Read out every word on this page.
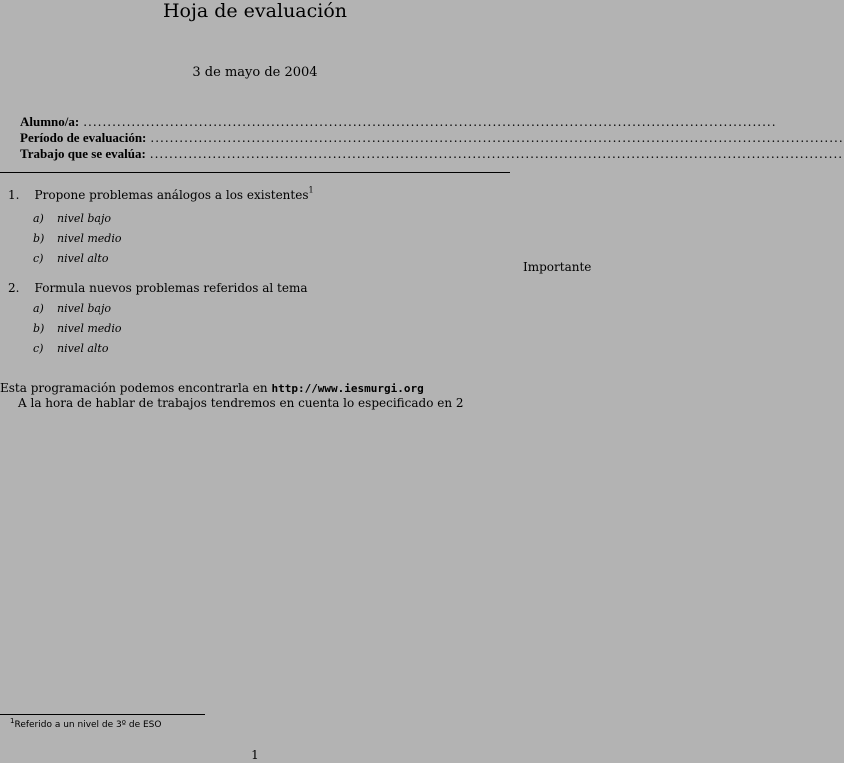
Hoja de evaluación
3 de mayo de 2004
Alumno/a: ................................................................................................................................................
Período de evaluación: ................................................................................................................................................
Trabajo que se evalúa: ................................................................................................................................................
1. Propone problemas análogos a los existentes$^1$
a) nivel bajo
b) nivel medio
c) nivel alto
Importante
2. Formula nuevos problemas referidos al tema
a) nivel bajo
b) nivel medio
c) nivel alto
Esta programación podemos encontrarla en http://www.iesmurgi.org
A la hora de hablar de trabajos tendremos en cuenta lo especificado en 2
$^1$Referido a un nivel de 3º de ESO
1
